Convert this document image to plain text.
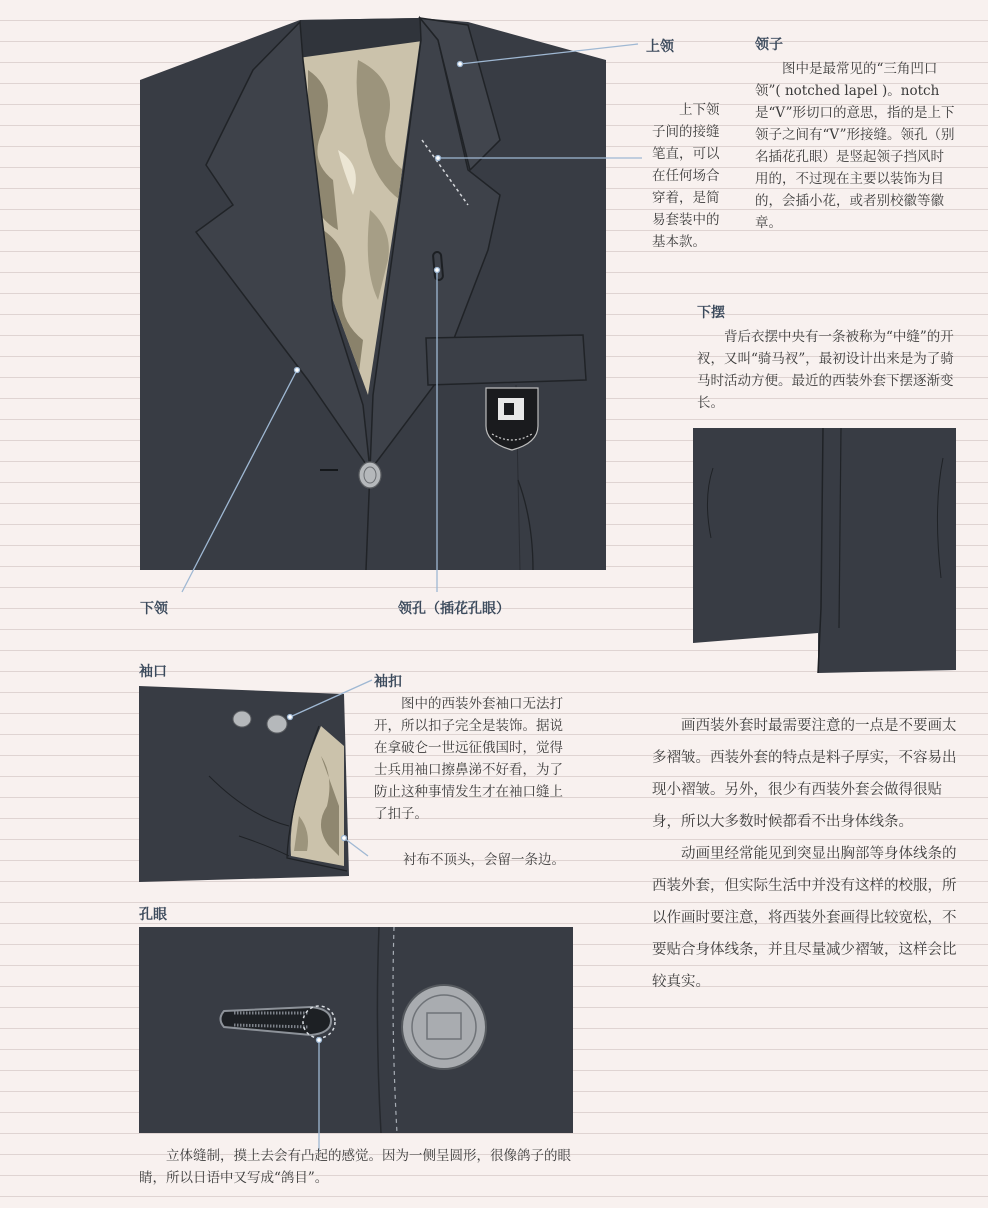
上领
下领	领孔（插花孔眼）
领子

图中是最常见的“三角凹口领”( notched lapel )。notch是“V”形切口的意思，指的是上下领子之间有“V”形接缝。领孔（别名插花孔眼）是竖起领子挡风时用的，不过现在主要以装饰为目的，会插小花，或者别校徽等徽章。

上下领子间的接缝笔直，可以在任何场合穿着，是简易套装中的基本款。

下摆

背后衣摆中央有一条被称为“中缝”的开衩，又叫“骑马衩”，最初设计出来是为了骑马时活动方便。最近的西装外套下摆逐渐变长。

袖口
袖扣

图中的西装外套袖口无法打开，所以扣子完全是装饰。据说在拿破仑一世远征俄国时，觉得士兵用袖口擦鼻涕不好看，为了防止这种事情发生才在袖口缝上了扣子。

衬布不顶头，会留一条边。

孔眼

立体缝制，摸上去会有凸起的感觉。因为一侧呈圆形，很像鸽子的眼睛，所以日语中又写成“鸽目”。

画西装外套时最需要注意的一点是不要画太多褶皱。西装外套的特点是料子厚实，不容易出现小褶皱。另外，很少有西装外套会做得很贴身，所以大多数时候都看不出身体线条。

动画里经常能见到突显出胸部等身体线条的西装外套，但实际生活中并没有这样的校服，所以作画时要注意，将西装外套画得比较宽松，不要贴合身体线条，并且尽量减少褶皱，这样会比较真实。
